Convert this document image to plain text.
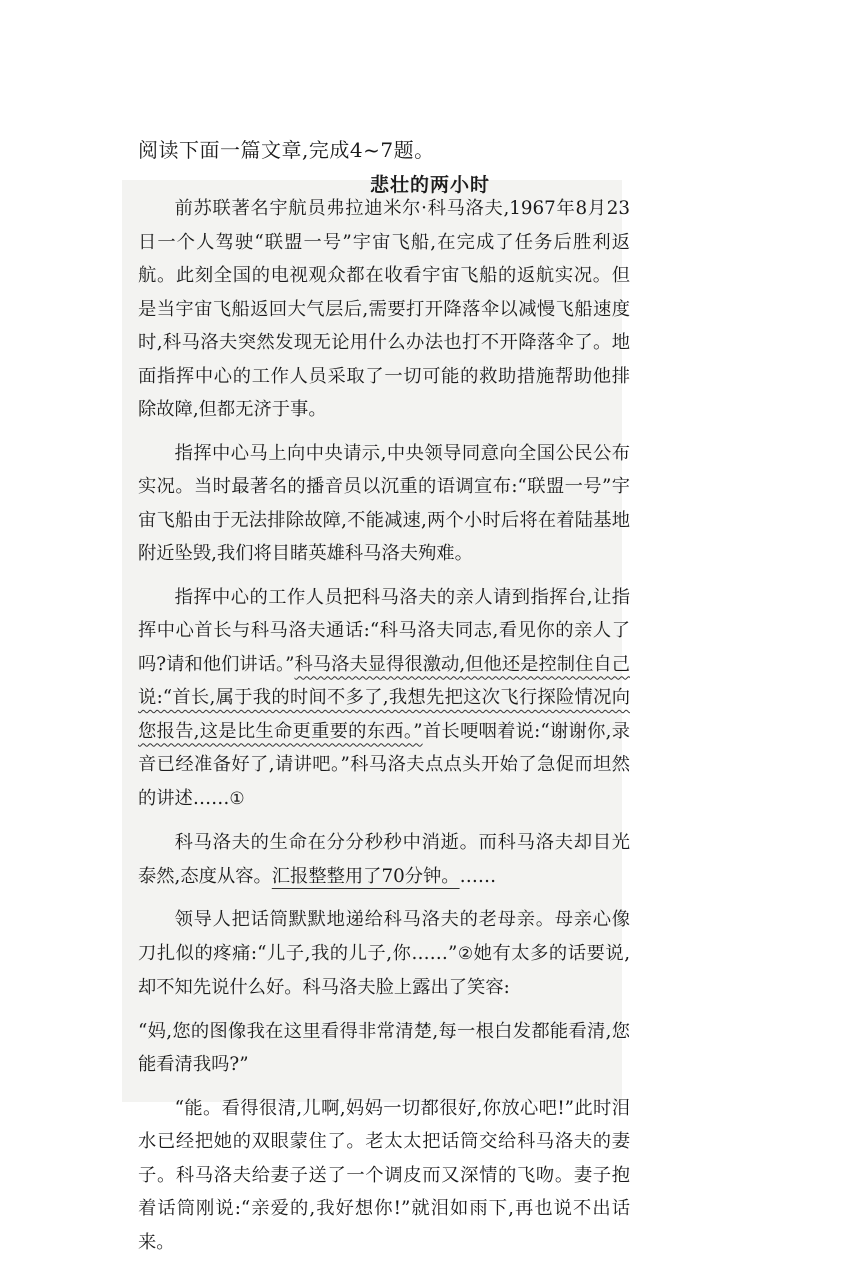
阅读下面一篇文章,完成4~7题。
悲壮的两小时

前苏联著名宇航员弗拉迪米尔·科马洛夫,1967年8月23日一个人驾驶“联盟一号”宇宙飞船,在完成了任务后胜利返航。此刻全国的电视观众都在收看宇宙飞船的返航实况。但是当宇宙飞船返回大气层后,需要打开降落伞以减慢飞船速度时,科马洛夫突然发现无论用什么办法也打不开降落伞了。地面指挥中心的工作人员采取了一切可能的救助措施帮助他排除故障,但都无济于事。

指挥中心马上向中央请示,中央领导同意向全国公民公布实况。当时最著名的播音员以沉重的语调宣布:“联盟一号”宇宙飞船由于无法排除故障,不能减速,两个小时后将在着陆基地附近坠毁,我们将目睹英雄科马洛夫殉难。

指挥中心的工作人员把科马洛夫的亲人请到指挥台,让指挥中心首长与科马洛夫通话:“科马洛夫同志,看见你的亲人了吗?请和他们讲话。”科马洛夫显得很激动,但他还是控制住自己说:“首长,属于我的时间不多了,我想先把这次飞行探险情况向您报告,这是比生命更重要的东西。”首长哽咽着说:“谢谢你,录音已经准备好了,请讲吧。”科马洛夫点点头开始了急促而坦然的讲述……①

科马洛夫的生命在分分秒秒中消逝。而科马洛夫却目光泰然,态度从容。汇报整整用了70分钟。……

领导人把话筒默默地递给科马洛夫的老母亲。母亲心像刀扎似的疼痛:“儿子,我的儿子,你……”②她有太多的话要说,却不知先说什么好。科马洛夫脸上露出了笑容:

“妈,您的图像我在这里看得非常清楚,每一根白发都能看清,您能看清我吗?”

“能。看得很清,儿啊,妈妈一切都很好,你放心吧!”此时泪水已经把她的双眼蒙住了。老太太把话筒交给科马洛夫的妻子。科马洛夫给妻子送了一个调皮而又深情的飞吻。妻子抱着话筒刚说:“亲爱的,我好想你!”就泪如雨下,再也说不出话来。
